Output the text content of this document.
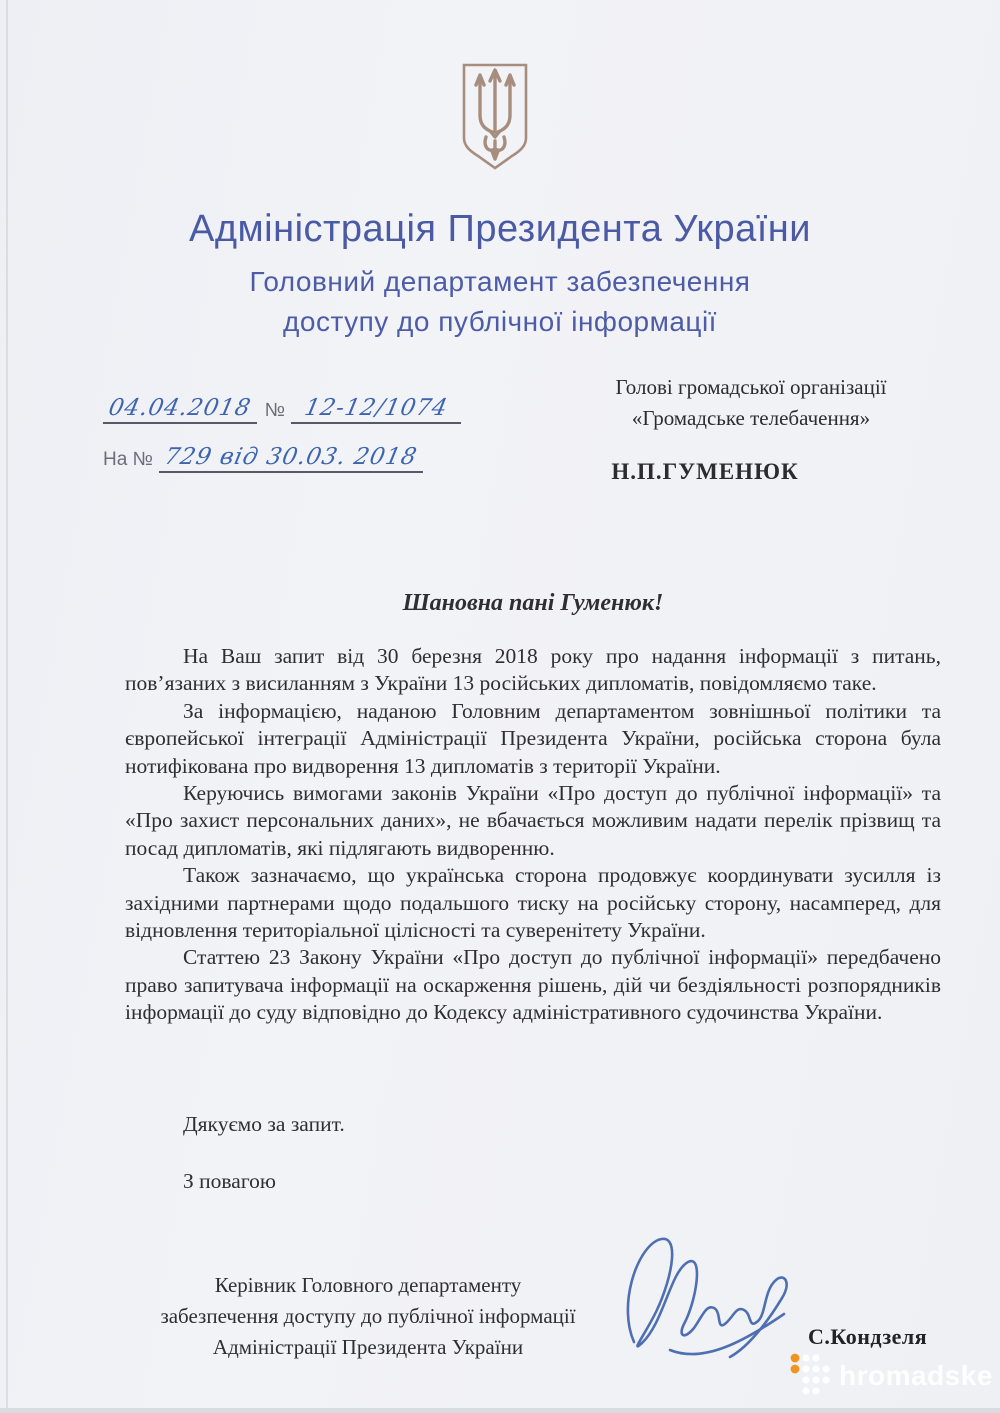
Адміністрація Президента України
Головний департамент забезпечення
доступу до публічної інформації
04.04.2018 № 12-12/1074
На № 729 від 30.03. 2018
Голові громадської організації
«Громадське телебачення»
Н.П.ГУМЕНЮК
Шановна пані Гуменюк!

На Ваш запит від 30 березня 2018 року про надання інформації з питань, пов’язаних з висиланням з України 13 російських дипломатів, повідомляємо таке.

За інформацією, наданою Головним департаментом зовнішньої політики та європейської інтеграції Адміністрації Президента України, російська сторона була нотифікована про видворення 13 дипломатів з території України.

Керуючись вимогами законів України «Про доступ до публічної інформації» та «Про захист персональних даних», не вбачається можливим надати перелік прізвищ та посад дипломатів, які підлягають видворенню.

Також зазначаємо, що українська сторона продовжує координувати зусилля із західними партнерами щодо подальшого тиску на російську сторону, насамперед, для відновлення територіальної цілісності та суверенітету України.

Статтею 23 Закону України «Про доступ до публічної інформації» передбачено право запитувача інформації на оскарження рішень, дій чи бездіяльності розпорядників інформації до суду відповідно до Кодексу адміністративного судочинства України.

Дякуємо за запит.
З повагою
Керівник Головного департаменту
забезпечення доступу до публічної інформації
Адміністрації Президента України	С.Кондзеля
hromadske
